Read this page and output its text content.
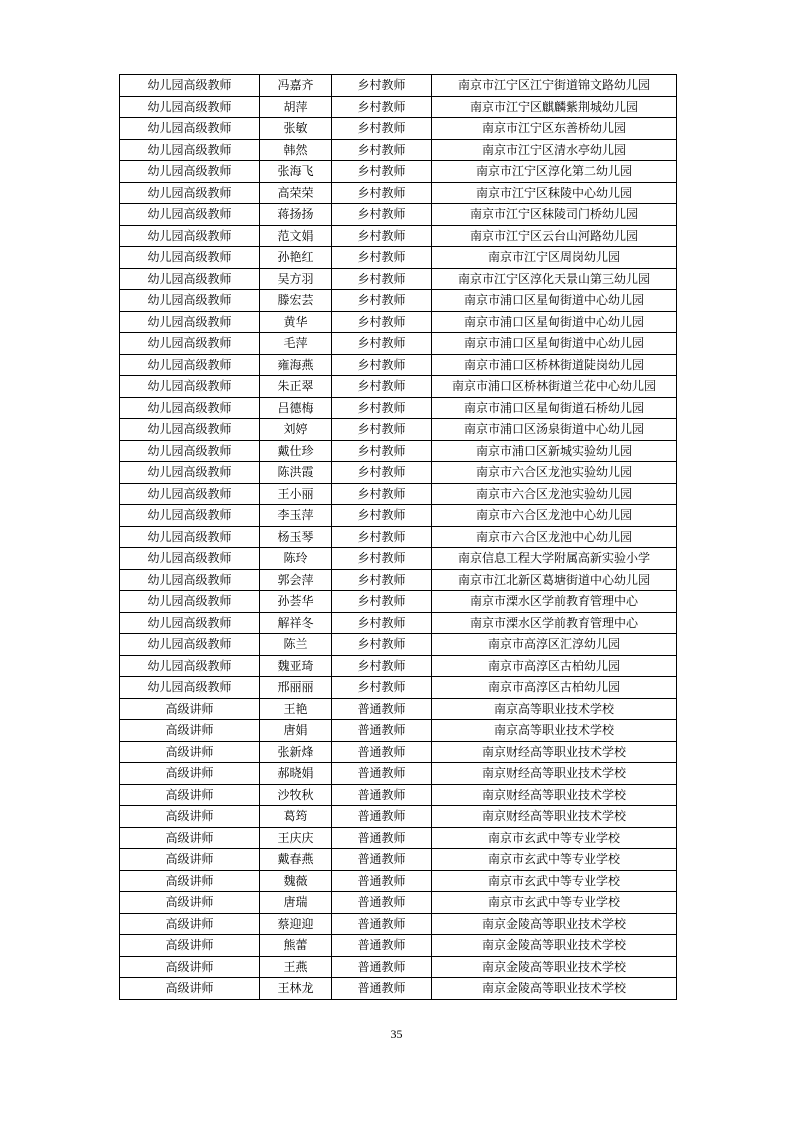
幼儿园高级教师	冯嘉齐	乡村教师	南京市江宁区江宁街道锦文路幼儿园
幼儿园高级教师	胡萍	乡村教师	南京市江宁区麒麟紫荆城幼儿园
幼儿园高级教师	张敏	乡村教师	南京市江宁区东善桥幼儿园
幼儿园高级教师	韩然	乡村教师	南京市江宁区清水亭幼儿园
幼儿园高级教师	张海飞	乡村教师	南京市江宁区淳化第二幼儿园
幼儿园高级教师	高荣荣	乡村教师	南京市江宁区秣陵中心幼儿园
幼儿园高级教师	蒋扬扬	乡村教师	南京市江宁区秣陵司门桥幼儿园
幼儿园高级教师	范文娟	乡村教师	南京市江宁区云台山河路幼儿园
幼儿园高级教师	孙艳红	乡村教师	南京市江宁区周岗幼儿园
幼儿园高级教师	吴方羽	乡村教师	南京市江宁区淳化天景山第三幼儿园
幼儿园高级教师	滕宏芸	乡村教师	南京市浦口区星甸街道中心幼儿园
幼儿园高级教师	黄华	乡村教师	南京市浦口区星甸街道中心幼儿园
幼儿园高级教师	毛萍	乡村教师	南京市浦口区星甸街道中心幼儿园
幼儿园高级教师	雍海燕	乡村教师	南京市浦口区桥林街道陡岗幼儿园
幼儿园高级教师	朱正翠	乡村教师	南京市浦口区桥林街道兰花中心幼儿园
幼儿园高级教师	吕德梅	乡村教师	南京市浦口区星甸街道石桥幼儿园
幼儿园高级教师	刘婷	乡村教师	南京市浦口区汤泉街道中心幼儿园
幼儿园高级教师	戴仕珍	乡村教师	南京市浦口区新城实验幼儿园
幼儿园高级教师	陈洪霞	乡村教师	南京市六合区龙池实验幼儿园
幼儿园高级教师	王小丽	乡村教师	南京市六合区龙池实验幼儿园
幼儿园高级教师	李玉萍	乡村教师	南京市六合区龙池中心幼儿园
幼儿园高级教师	杨玉琴	乡村教师	南京市六合区龙池中心幼儿园
幼儿园高级教师	陈玲	乡村教师	南京信息工程大学附属高新实验小学
幼儿园高级教师	郭会萍	乡村教师	南京市江北新区葛塘街道中心幼儿园
幼儿园高级教师	孙荟华	乡村教师	南京市溧水区学前教育管理中心
幼儿园高级教师	解祥冬	乡村教师	南京市溧水区学前教育管理中心
幼儿园高级教师	陈兰	乡村教师	南京市高淳区汇淳幼儿园
幼儿园高级教师	魏亚琦	乡村教师	南京市高淳区古柏幼儿园
幼儿园高级教师	邢丽丽	乡村教师	南京市高淳区古柏幼儿园
高级讲师	王艳	普通教师	南京高等职业技术学校
高级讲师	唐娟	普通教师	南京高等职业技术学校
高级讲师	张新烽	普通教师	南京财经高等职业技术学校
高级讲师	郝晓娟	普通教师	南京财经高等职业技术学校
高级讲师	沙牧秋	普通教师	南京财经高等职业技术学校
高级讲师	葛筠	普通教师	南京财经高等职业技术学校
高级讲师	王庆庆	普通教师	南京市玄武中等专业学校
高级讲师	戴春燕	普通教师	南京市玄武中等专业学校
高级讲师	魏薇	普通教师	南京市玄武中等专业学校
高级讲师	唐瑞	普通教师	南京市玄武中等专业学校
高级讲师	蔡迎迎	普通教师	南京金陵高等职业技术学校
高级讲师	熊蕾	普通教师	南京金陵高等职业技术学校
高级讲师	王燕	普通教师	南京金陵高等职业技术学校
高级讲师	王林龙	普通教师	南京金陵高等职业技术学校
35
